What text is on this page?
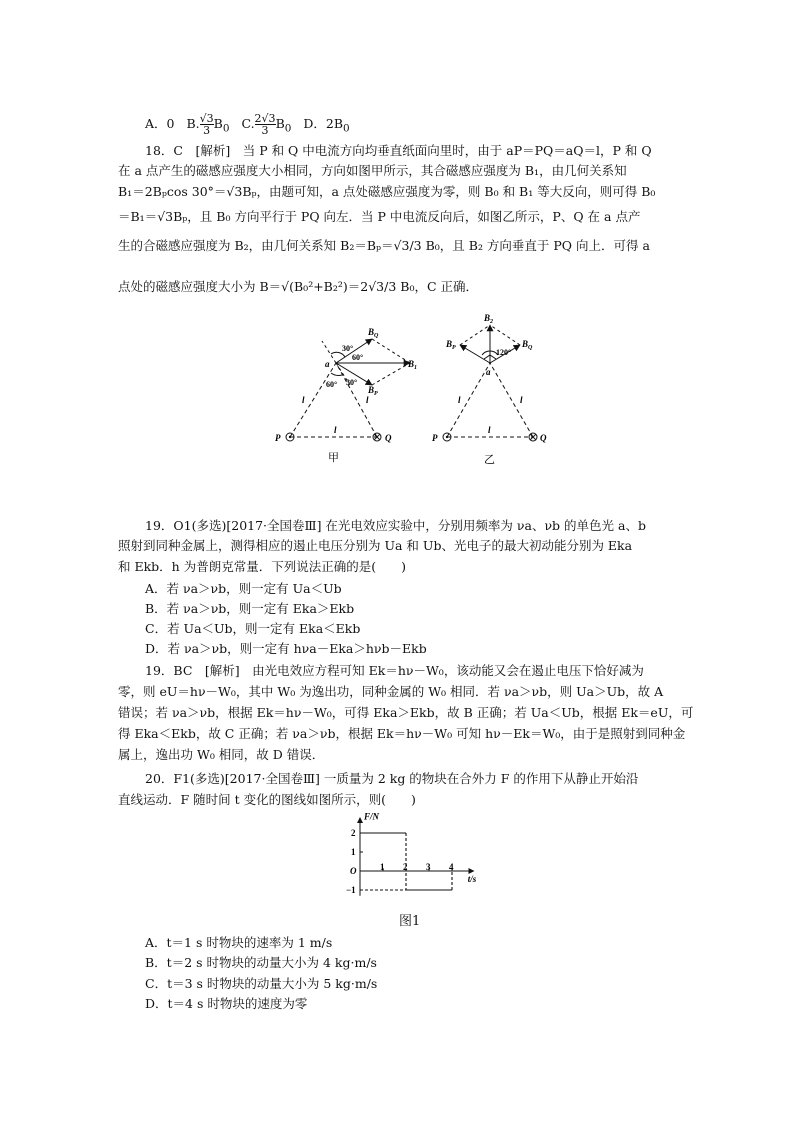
A．0 B. $\frac{√3}{3} B_0$ C. $\frac{2√3}{3} B_0$ D．$2B_0$
18．C　[解析]　当 P 和 Q 中电流方向均垂直纸面向里时，由于 aP＝PQ＝aQ＝l，P 和 Q
在 a 点产生的磁感应强度大小相同，方向如图甲所示，其合磁感应强度为 B₁，由几何关系知
B₁＝2Bₚcos 30°＝√3Bₚ，由题可知，a 点处磁感应强度为零，则 B₀ 和 B₁ 等大反向，则可得 B₀
＝B₁＝√3Bₚ，且 B₀ 方向平行于 PQ 向左．当 P 中电流反向后，如图乙所示，P、Q 在 a 点产
生的合磁感应强度为 B₂，由几何关系知 B₂＝Bₚ＝√3/3 B₀，且 B₂ 方向垂直于 PQ 向上．可得 a
点处的磁感应强度大小为 B＝√(B₀²+B₂²)＝2√3/3 B₀，C 正确．
$B_Q$
$B_1$
$B_P$
a
30°
60°
60° 30°
l	l
l
P	Q
甲
$B_2$
$B_P$	$B_Q$
120°
a
l	l
l
P	Q
乙
19．O1(多选)[2017·全国卷Ⅲ] 在光电效应实验中，分别用频率为 νa、νb 的单色光 a、b
照射到同种金属上，测得相应的遏止电压分别为 Ua 和 Ub、光电子的最大初动能分别为 Eka
和 Ekb．h 为普朗克常量．下列说法正确的是(　　)
A．若 νa＞νb，则一定有 Ua＜Ub
B．若 νa＞νb，则一定有 Eka＞Ekb
C．若 Ua＜Ub，则一定有 Eka＜Ekb
D．若 νa＞νb，则一定有 hνa－Eka＞hνb－Ekb
19．BC　[解析]　由光电效应方程可知 Ek＝hν－W₀，该动能又会在遏止电压下恰好减为
零，则 eU＝hν－W₀，其中 W₀ 为逸出功，同种金属的 W₀ 相同．若 νa＞νb，则 Ua＞Ub，故 A
错误；若 νa＞νb，根据 Ek＝hν－W₀，可得 Eka＞Ekb，故 B 正确；若 Ua＜Ub，根据 Ek＝eU，可
得 Eka＜Ekb，故 C 正确；若 νa＞νb，根据 Ek＝hν－W₀ 可知 hν－Ek＝W₀，由于是照射到同种金
属上，逸出功 W₀ 相同，故 D 错误．
20．F1(多选)[2017·全国卷Ⅲ] 一质量为 2 kg 的物块在合外力 F 的作用下从静止开始沿
直线运动．F 随时间 t 变化的图线如图所示，则(　　)
F/N
t/s
O	1 2 3 4
2
1
−1
图1
A．t＝1 s 时物块的速率为 1 m/s
B．t＝2 s 时物块的动量大小为 4 kg·m/s
C．t＝3 s 时物块的动量大小为 5 kg·m/s
D．t＝4 s 时物块的速度为零
